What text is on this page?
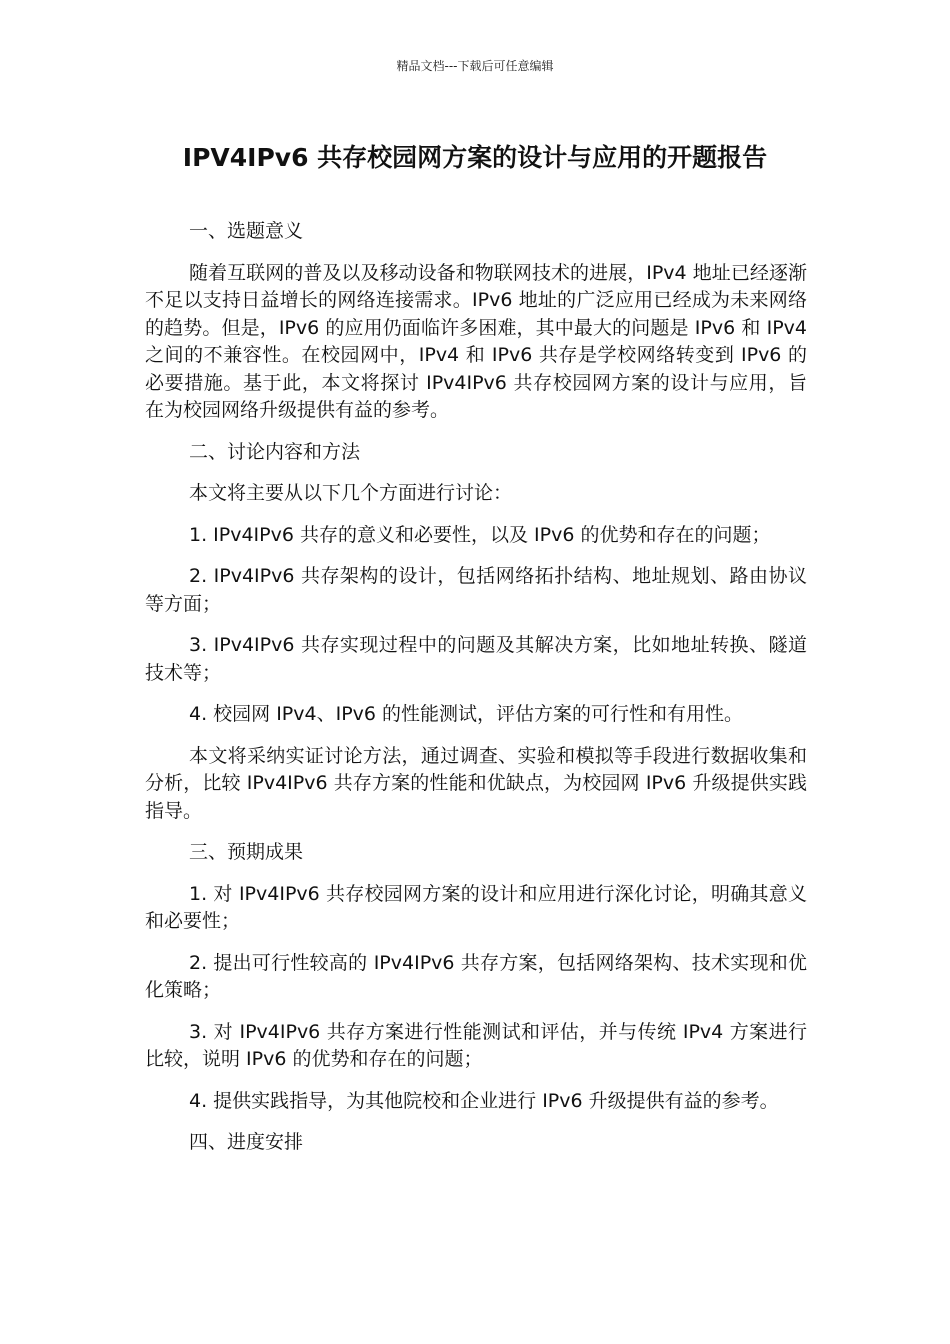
精品文档---下载后可任意编辑
IPV4IPv6 共存校园网方案的设计与应用的开题报告

一、选题意义

随着互联网的普及以及移动设备和物联网技术的进展，IPv4 地址已经逐渐不足以支持日益增长的网络连接需求。IPv6 地址的广泛应用已经成为未来网络的趋势。但是，IPv6 的应用仍面临许多困难，其中最大的问题是 IPv6 和 IPv4 之间的不兼容性。在校园网中，IPv4 和 IPv6 共存是学校网络转变到 IPv6 的必要措施。基于此，本文将探讨 IPv4IPv6 共存校园网方案的设计与应用，旨在为校园网络升级提供有益的参考。

二、讨论内容和方法

本文将主要从以下几个方面进行讨论：

1. IPv4IPv6 共存的意义和必要性，以及 IPv6 的优势和存在的问题；

2. IPv4IPv6 共存架构的设计，包括网络拓扑结构、地址规划、路由协议等方面；

3. IPv4IPv6 共存实现过程中的问题及其解决方案，比如地址转换、隧道技术等；

4. 校园网 IPv4、IPv6 的性能测试，评估方案的可行性和有用性。

本文将采纳实证讨论方法，通过调查、实验和模拟等手段进行数据收集和分析，比较 IPv4IPv6 共存方案的性能和优缺点，为校园网 IPv6 升级提供实践指导。

三、预期成果

1. 对 IPv4IPv6 共存校园网方案的设计和应用进行深化讨论，明确其意义和必要性；

2. 提出可行性较高的 IPv4IPv6 共存方案，包括网络架构、技术实现和优化策略；

3. 对 IPv4IPv6 共存方案进行性能测试和评估，并与传统 IPv4 方案进行比较，说明 IPv6 的优势和存在的问题；

4. 提供实践指导，为其他院校和企业进行 IPv6 升级提供有益的参考。

四、进度安排
